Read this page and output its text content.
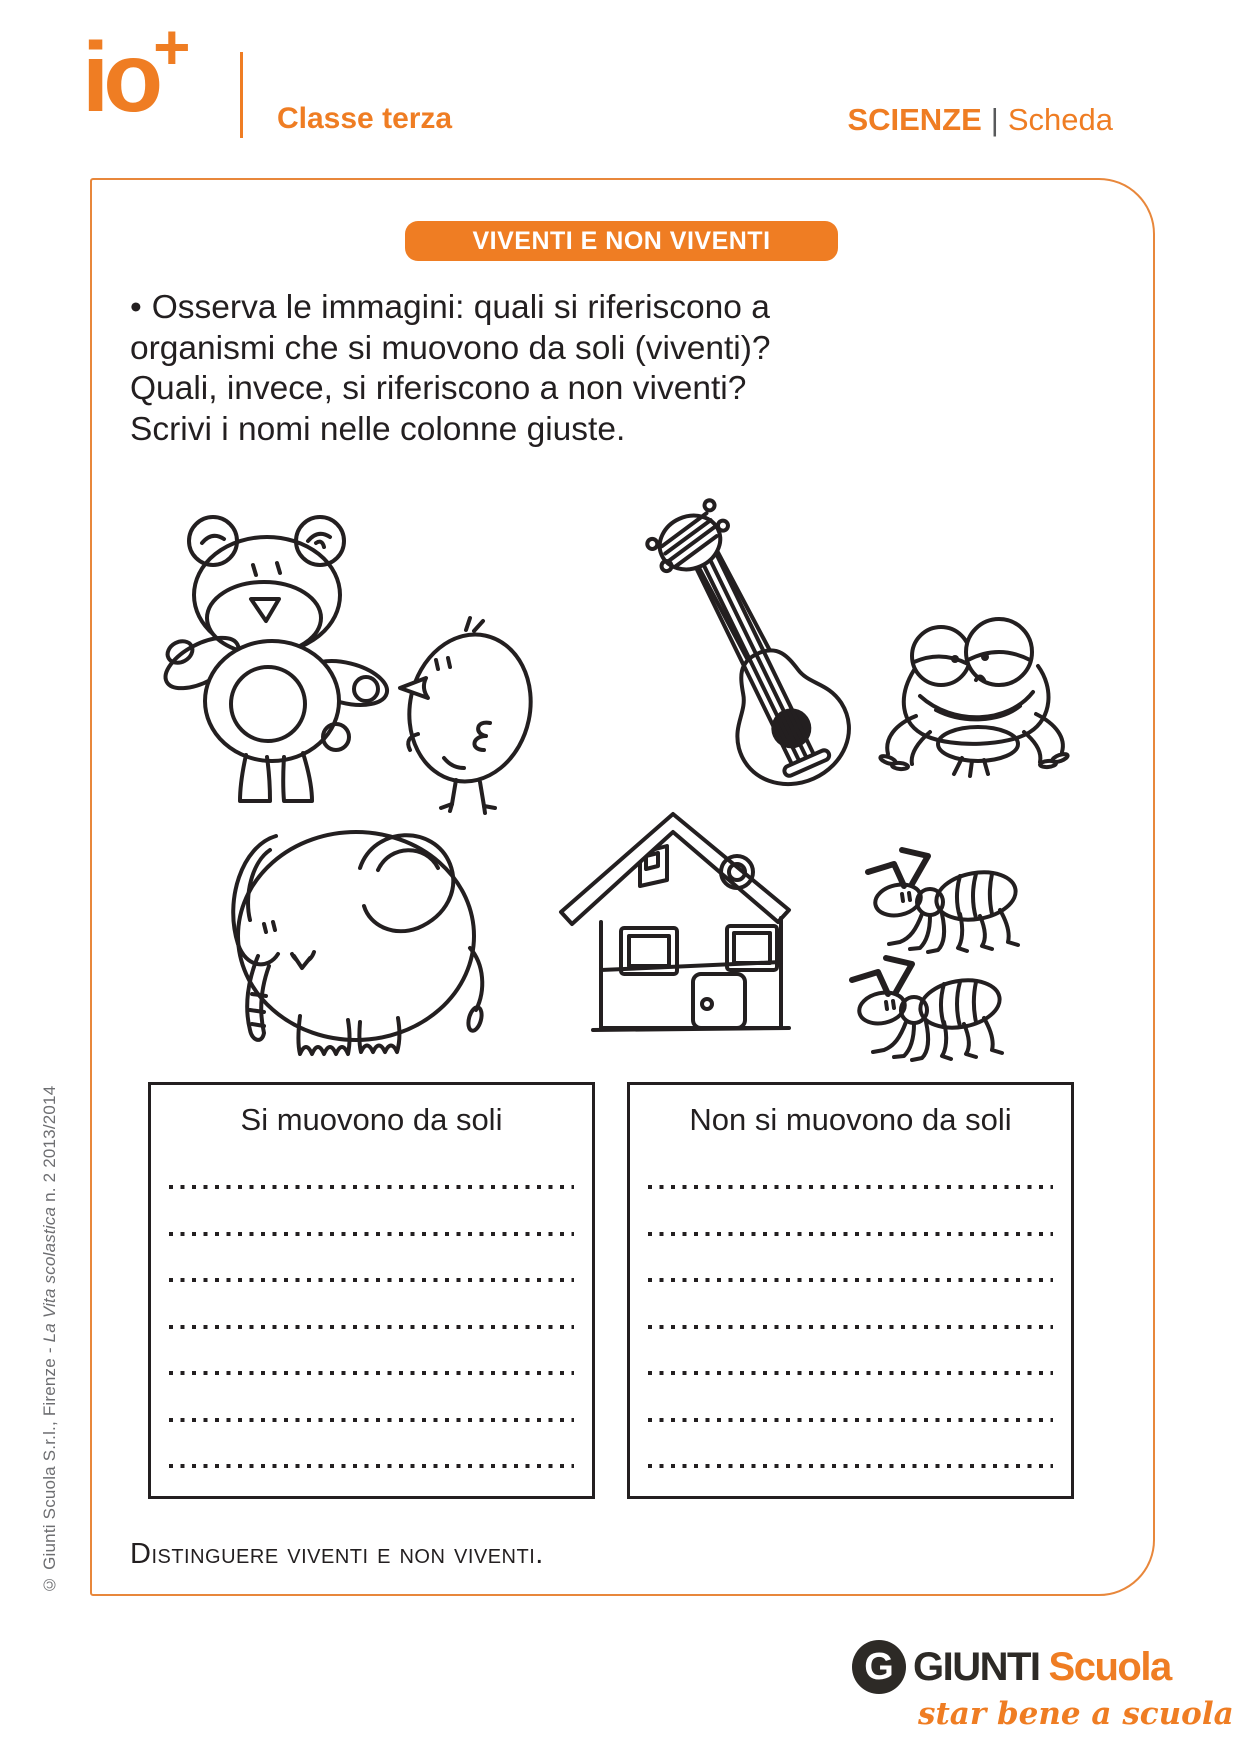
io+
Classe terza	SCIENZE | Scheda
VIVENTI E NON VIVENTI
• Osserva le immagini: quali si riferiscono a
organismi che si muovono da soli (viventi)?
Quali, invece, si riferiscono a non viventi?
Scrivi i nomi nelle colonne giuste.
Si muovono da soli	Non si muovono da soli
Distinguere viventi e non viventi.
© Giunti Scuola S.r.l., Firenze - La Vita scolastica n. 2 2013/2014
G GIUNTI Scuola
star bene a scuola
